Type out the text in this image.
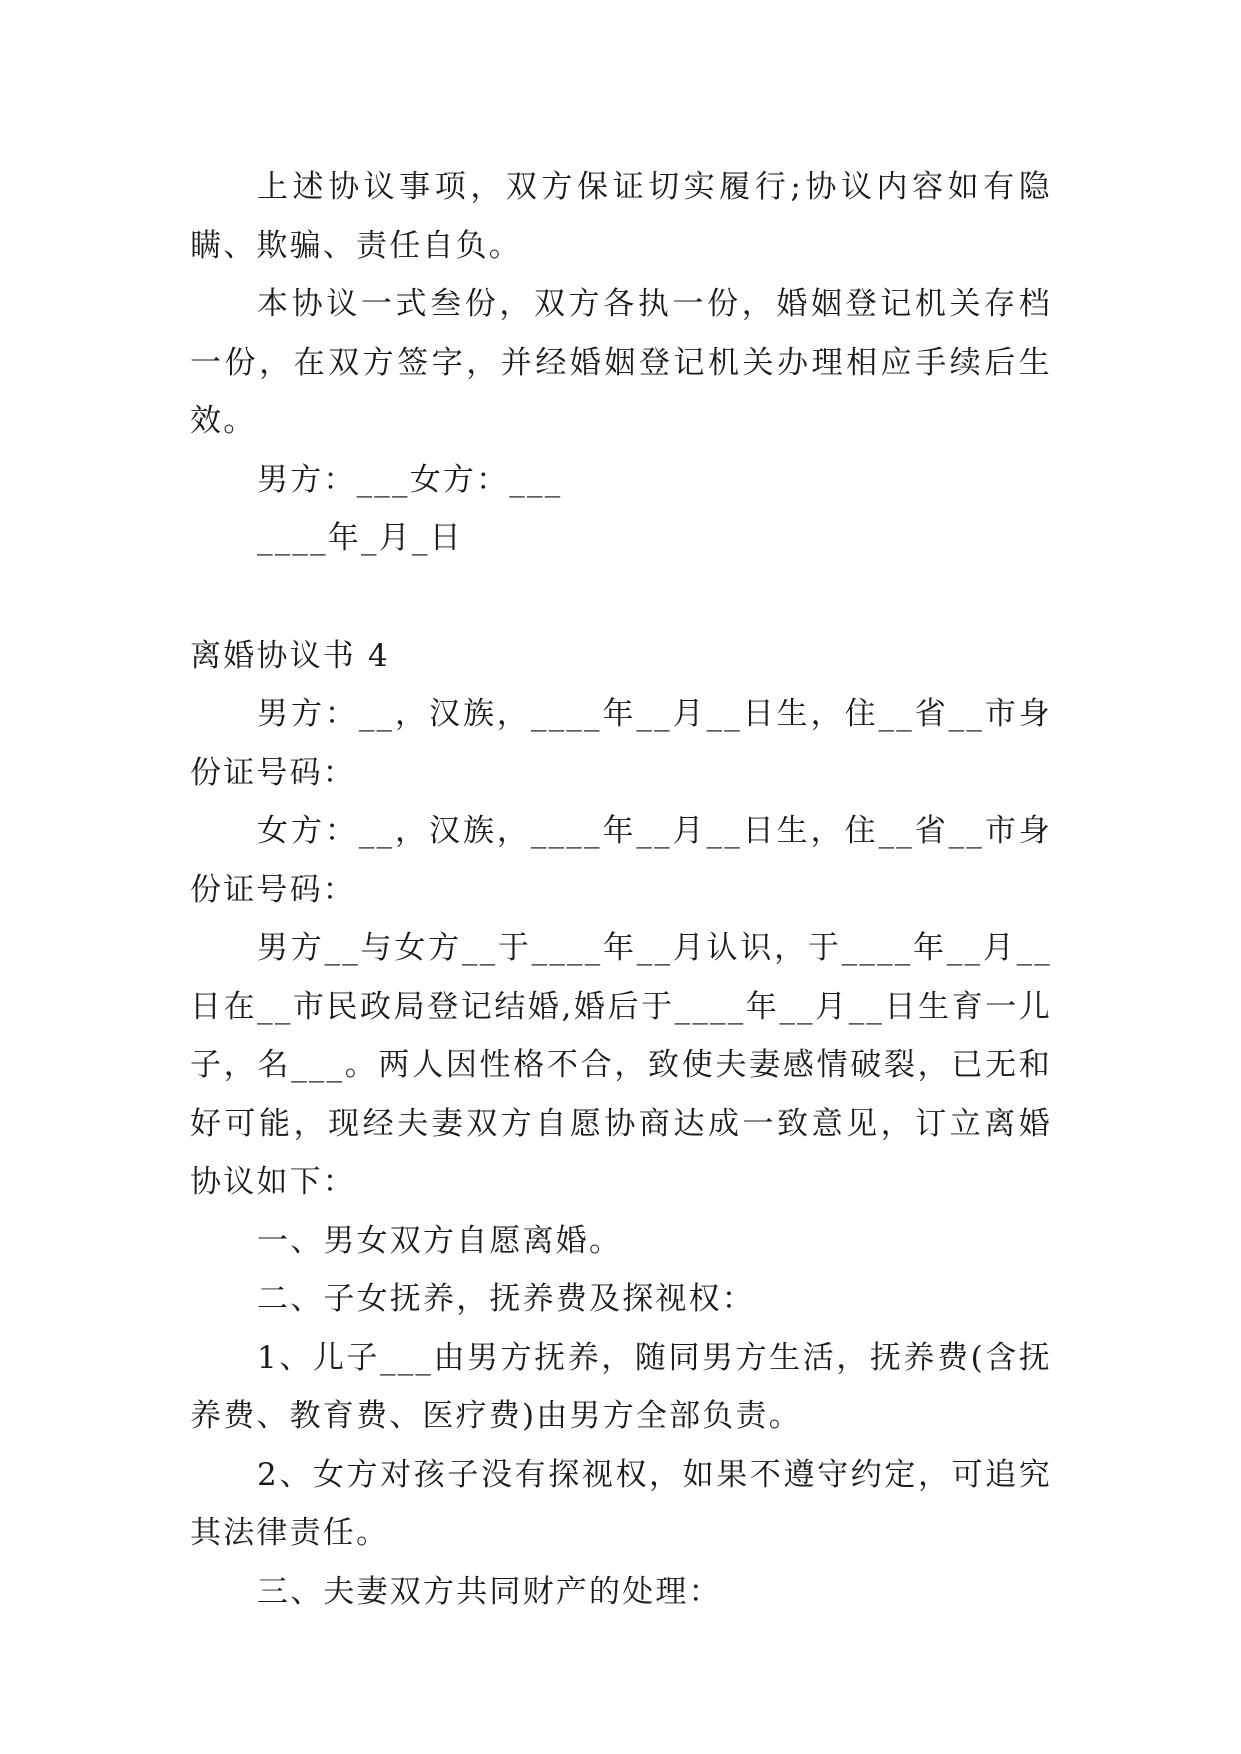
上述协议事项，双方保证切实履行;协议内容如有隐瞒、欺骗、责任自负。

本协议一式叁份，双方各执一份，婚姻登记机关存档一份，在双方签字，并经婚姻登记机关办理相应手续后生效。

男方：___女方：___

____年_月_日

离婚协议书 4

男方：__，汉族，____年__月__日生，住__省__市身份证号码：

女方：__，汉族，____年__月__日生，住__省__市身份证号码：

男方__与女方__于____年__月认识，于____年__月__日在__市民政局登记结婚,婚后于____年__月__日生育一儿子，名___。两人因性格不合，致使夫妻感情破裂，已无和好可能，现经夫妻双方自愿协商达成一致意见，订立离婚协议如下：

一、男女双方自愿离婚。

二、子女抚养，抚养费及探视权：

1、儿子___由男方抚养，随同男方生活，抚养费(含抚养费、教育费、医疗费)由男方全部负责。

2、女方对孩子没有探视权，如果不遵守约定，可追究其法律责任。

三、夫妻双方共同财产的处理：
